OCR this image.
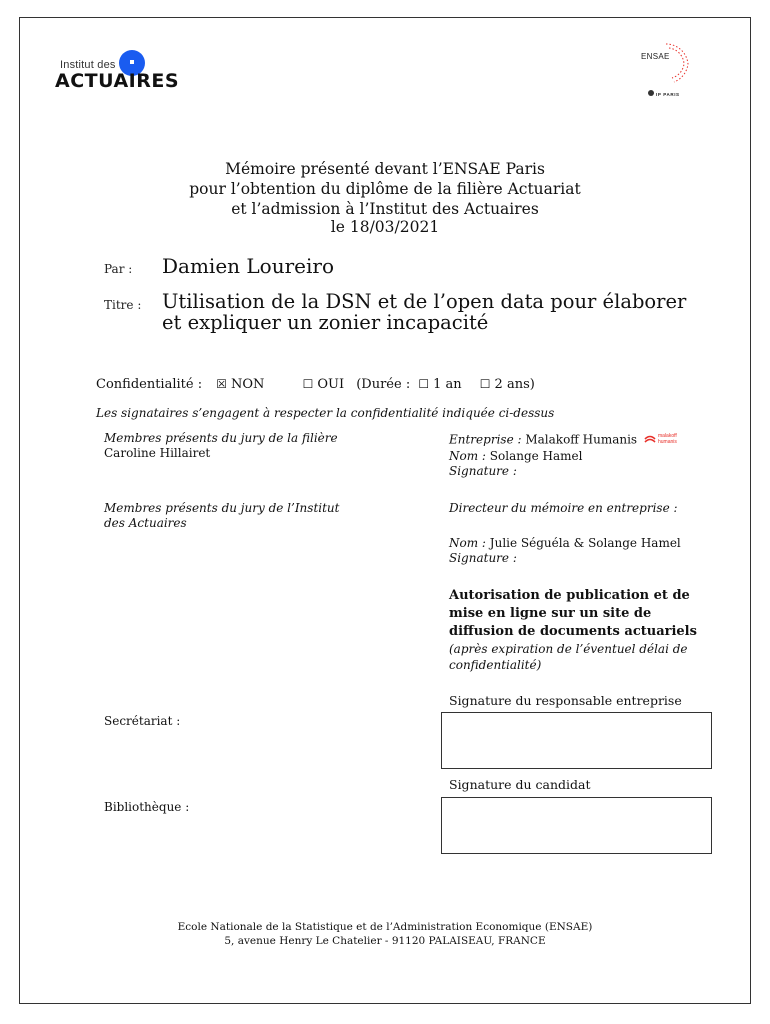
Institut des
ACTUAIRES
ENSAE
IP PARIS
Mémoire présenté devant l’ENSAE Paris
pour l’obtention du diplôme de la filière Actuariat
et l’admission à l’Institut des Actuaires
le 18/03/2021
Par : Damien Loureiro
Titre : Utilisation de la DSN et de l’open data pour élaborer
et expliquer un zonier incapacité
Confidentialité : ☒ NON	☐ OUI (Durée : ☐ 1 an ☐ 2 ans)
Les signataires s’engagent à respecter la confidentialité indiquée ci-dessus
Membres présents du jury de la filière
Caroline Hillairet
Membres présents du jury de l’Institut
des Actuaires
Secrétariat :
Bibliothèque :
Entreprise : Malakoff Humanis	malakoff
humanis
Nom : Solange Hamel
Signature :
Directeur du mémoire en entreprise :
Nom : Julie Séguéla & Solange Hamel
Signature :
Autorisation de publication et de
mise en ligne sur un site de
diffusion de documents actuariels
(après expiration de l’éventuel délai de
confidentialité)
Signature du responsable entreprise
Signature du candidat
Ecole Nationale de la Statistique et de l’Administration Economique (ENSAE)
5, avenue Henry Le Chatelier - 91120 PALAISEAU, FRANCE
